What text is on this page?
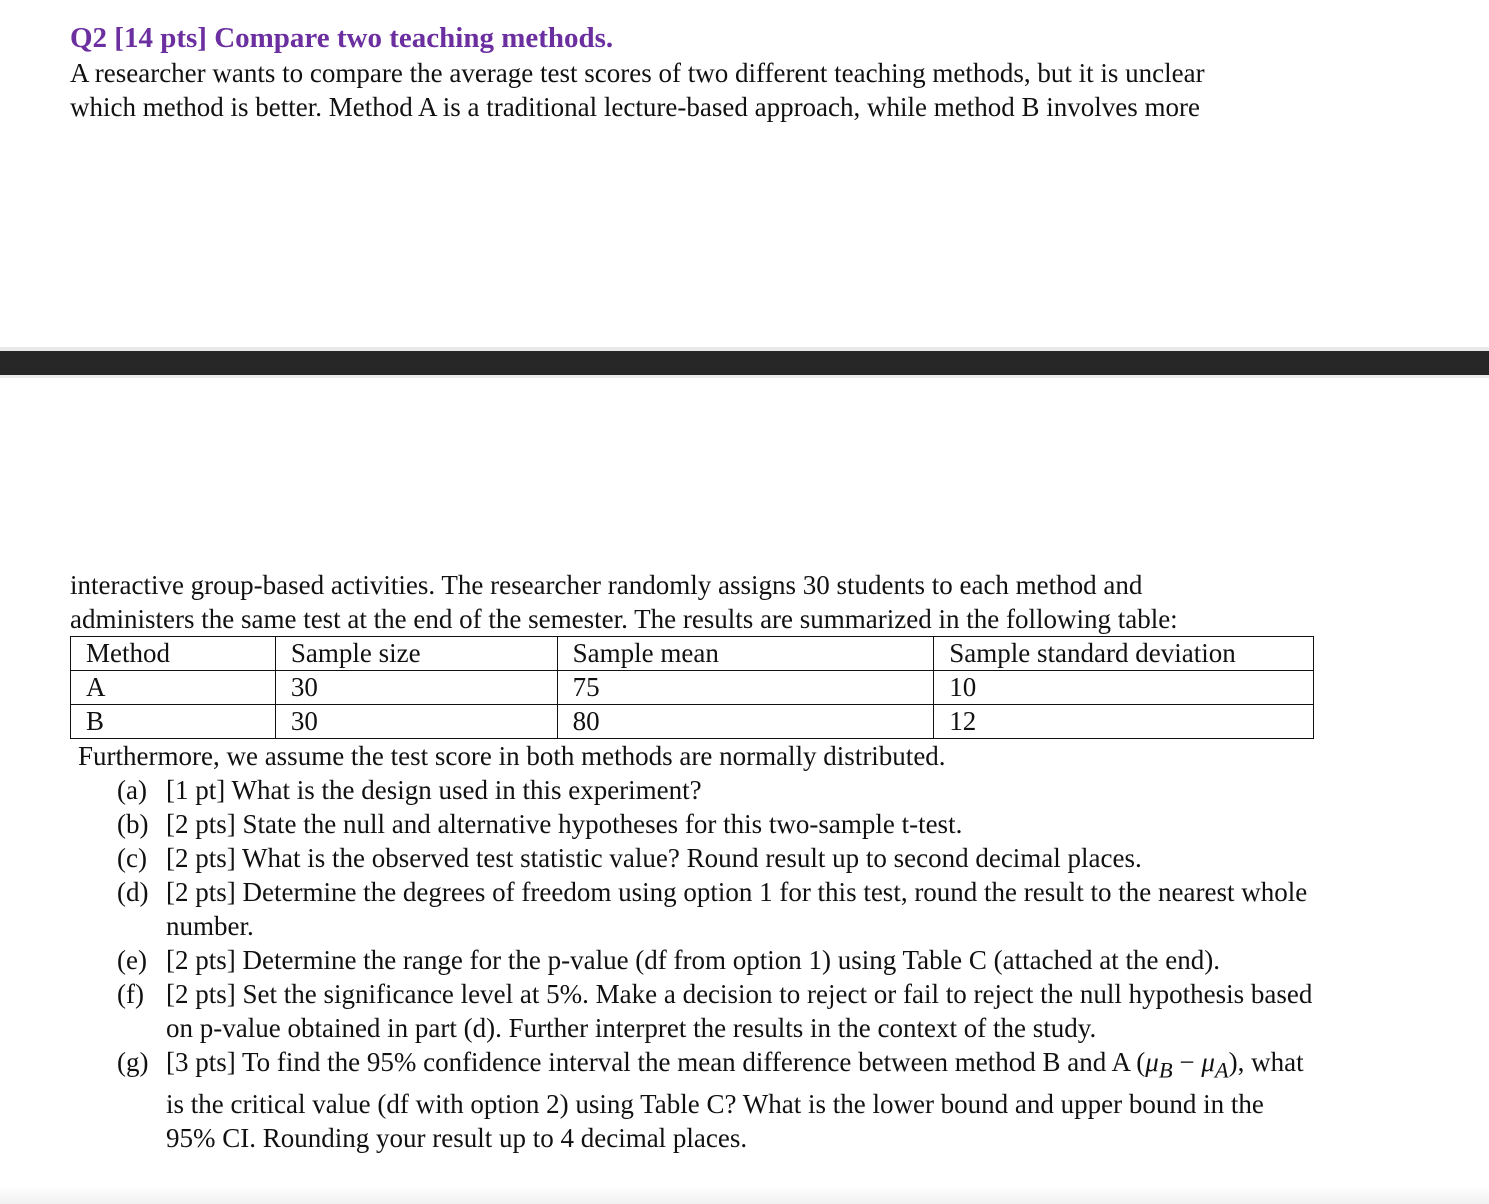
Q2 [14 pts] Compare two teaching methods.

A researcher wants to compare the average test scores of two different teaching methods, but it is unclear

which method is better. Method A is a traditional lecture-based approach, while method B involves more

interactive group-based activities. The researcher randomly assigns 30 students to each method and

administers the same test at the end of the semester. The results are summarized in the following table:

Method	Sample size	Sample mean	Sample standard deviation
A	30	75	10
B	30	80	12

Furthermore, we assume the test score in both methods are normally distributed.

(a) [1 pt] What is the design used in this experiment?
(b) [2 pts] State the null and alternative hypotheses for this two-sample t-test.
(c) [2 pts] What is the observed test statistic value? Round result up to second decimal places.
(d) [2 pts] Determine the degrees of freedom using option 1 for this test, round the result to the nearest whole number.
(e) [2 pts] Determine the range for the p-value (df from option 1) using Table C (attached at the end).
(f) [2 pts] Set the significance level at 5%. Make a decision to reject or fail to reject the null hypothesis based on p-value obtained in part (d). Further interpret the results in the context of the study.
(g) [3 pts] To find the 95% confidence interval the mean difference between method B and A $(\mu_B - \mu_A)$, what is the critical value (df with option 2) using Table C? What is the lower bound and upper bound in the 95% CI. Rounding your result up to 4 decimal places.
